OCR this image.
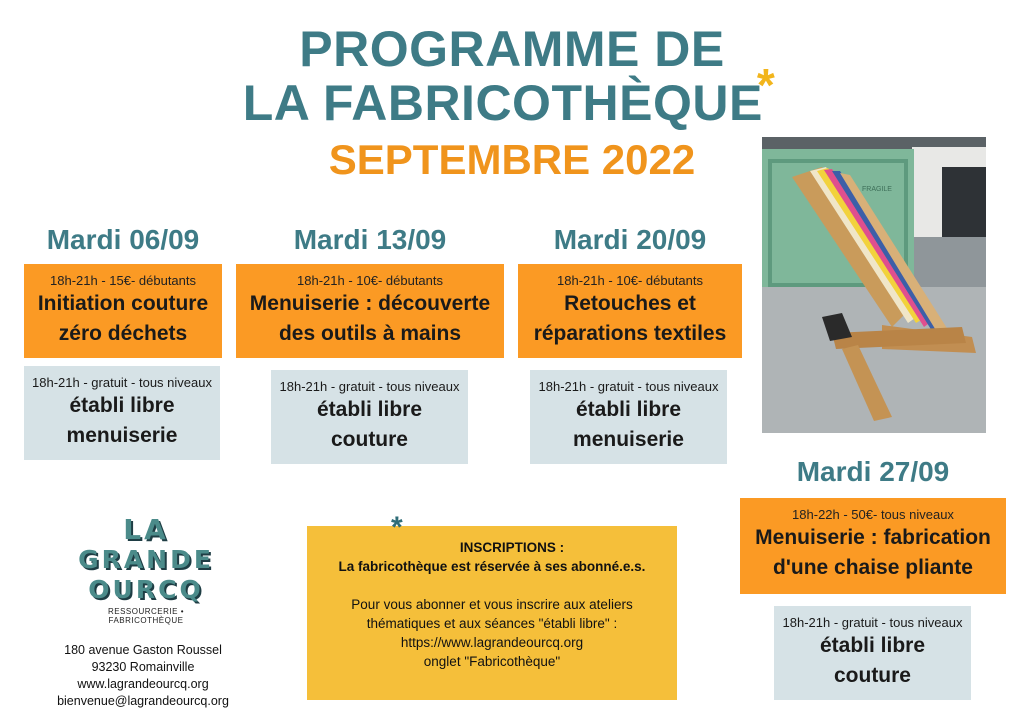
PROGRAMME DE
LA FABRICOTHÈQUE*
SEPTEMBRE 2022
Mardi 06/09
18h-21h - 15€- débutants
Initiation couture
zéro déchets
18h-21h - gratuit - tous niveaux
établi libre
menuiserie
Mardi 13/09
18h-21h - 10€- débutants
Menuiserie : découverte
des outils à mains
18h-21h - gratuit - tous niveaux
établi libre
couture
Mardi 20/09
18h-21h - 10€- débutants
Retouches et
réparations textiles
18h-21h - gratuit - tous niveaux
établi libre
menuiserie
FRAGILE
Mardi 27/09
18h-22h - 50€- tous niveaux
Menuiserie : fabrication
d'une chaise pliante
18h-21h - gratuit - tous niveaux
établi libre
couture
LA
GRANDE
OURCQ
RESSOURCERIE • FABRICOTHÈQUE
180 avenue Gaston Roussel
93230 Romainville
www.lagrandeourcq.org
bienvenue@lagrandeourcq.org
*
INSCRIPTIONS :
La fabricothèque est réservée à ses abonné.e.s.
Pour vous abonner et vous inscrire aux ateliers
thématiques et aux séances "établi libre" :
https://www.lagrandeourcq.org
onglet "Fabricothèque"
